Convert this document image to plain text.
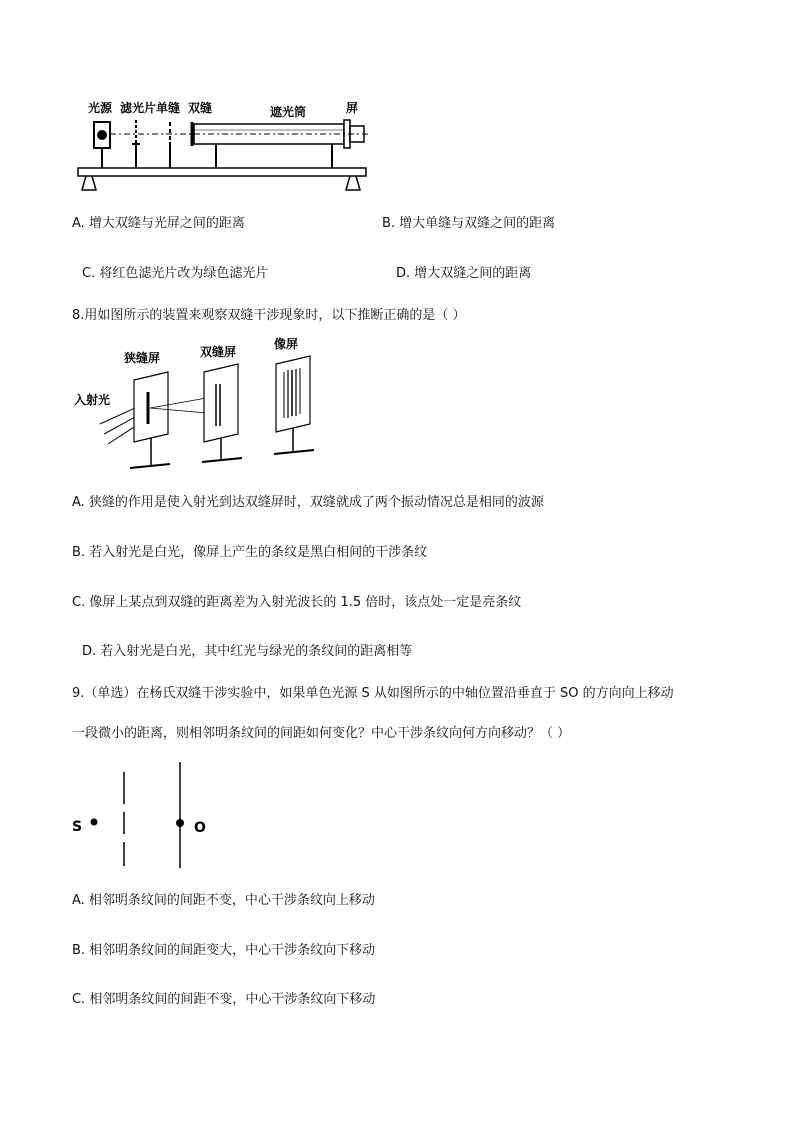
光源 滤光片 单缝 双缝	遮光筒	屏
A. 增大双缝与光屏之间的距离	B. 增大单缝与双缝之间的距离
C. 将红色滤光片改为绿色滤光片	D. 增大双缝之间的距离
8.用如图所示的装置来观察双缝干涉现象时，以下推断正确的是（ ）
入射光
狭缝屏	双缝屏
像屏
A. 狭缝的作用是使入射光到达双缝屏时，双缝就成了两个振动情况总是相同的波源
B. 若入射光是白光，像屏上产生的条纹是黑白相间的干涉条纹
C. 像屏上某点到双缝的距离差为入射光波长的 1.5 倍时，该点处一定是亮条纹
D. 若入射光是白光，其中红光与绿光的条纹间的距离相等
9.（单选）在杨氏双缝干涉实验中，如果单色光源 S 从如图所示的中轴位置沿垂直于 SO 的方向向上移动
一段微小的距离，则相邻明条纹间的间距如何变化？中心干涉条纹向何方向移动？（ ）
S	O
A. 相邻明条纹间的间距不变，中心干涉条纹向上移动
B. 相邻明条纹间的间距变大，中心干涉条纹向下移动
C. 相邻明条纹间的间距不变，中心干涉条纹向下移动
